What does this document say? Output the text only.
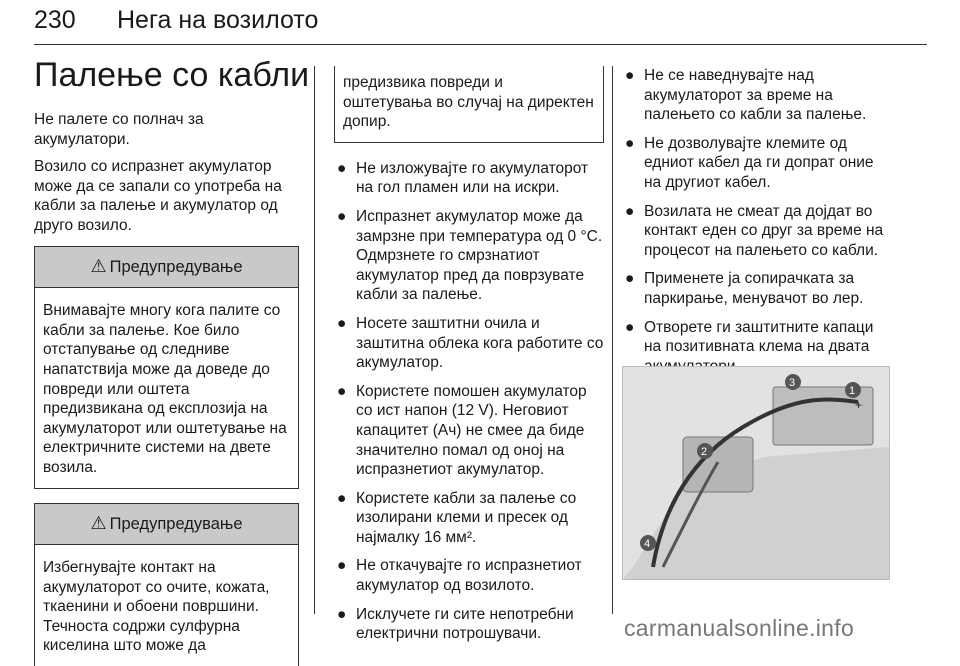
230 Нега на возилото
Палење со кабли

Не палете со полнач за акумулатори.

Возило со испразнет акумулатор може да се запали со употреба на кабли за палење и акумулатор од друго возило.

⚠ Предупредување
Внимавајте многу кога палите со кабли за палење. Кое било отстапување од следниве напатствија може да доведе до повреди или оштета предизвикана од експлозија на акумулаторот или оштетување на електричните системи на двете возила.
⚠ Предупредување
Избегнувајте контакт на акумулаторот со очите, кожата, ткаенини и обоени површини. Течноста содржи сулфурна киселина што може да
предизвика повреди и оштетувања во случај на директен допир.
● Не изложувајте го акумулаторот на гол пламен или на искри.
● Испразнет акумулатор може да замрзне при температура од 0 °C. Одмрзнете го смрзнатиот акумулатор пред да поврзувате кабли за палење.
● Носете заштитни очила и заштитна облека кога работите со акумулатор.
● Користете помошен акумулатор со ист напон (12 V). Неговиот капацитет (Ач) не смее да биде значително помал од оној на испразнетиот акумулатор.
● Користете кабли за палење со изолирани клеми и пресек од најмалку 16 мм².
● Не откачувајте го испразнетиот акумулатор од возилото.
● Исклучете ги сите непотребни електрични потрошувачи.
● Не се наведнувајте над акумулаторот за време на палењето со кабли за палење.
● Не дозволувајте клемите од едниот кабел да ги допрат оние на другиот кабел.
● Возилата не смеат да дојдат во контакт еден со друг за време на процесот на палењето со кабли.
● Применете ја сопирачката за паркирање, менувачот во лер.
● Отворете ги заштитните капаци на позитивната клема на двата
+
1
3
2
4
carmanualsonline.info
